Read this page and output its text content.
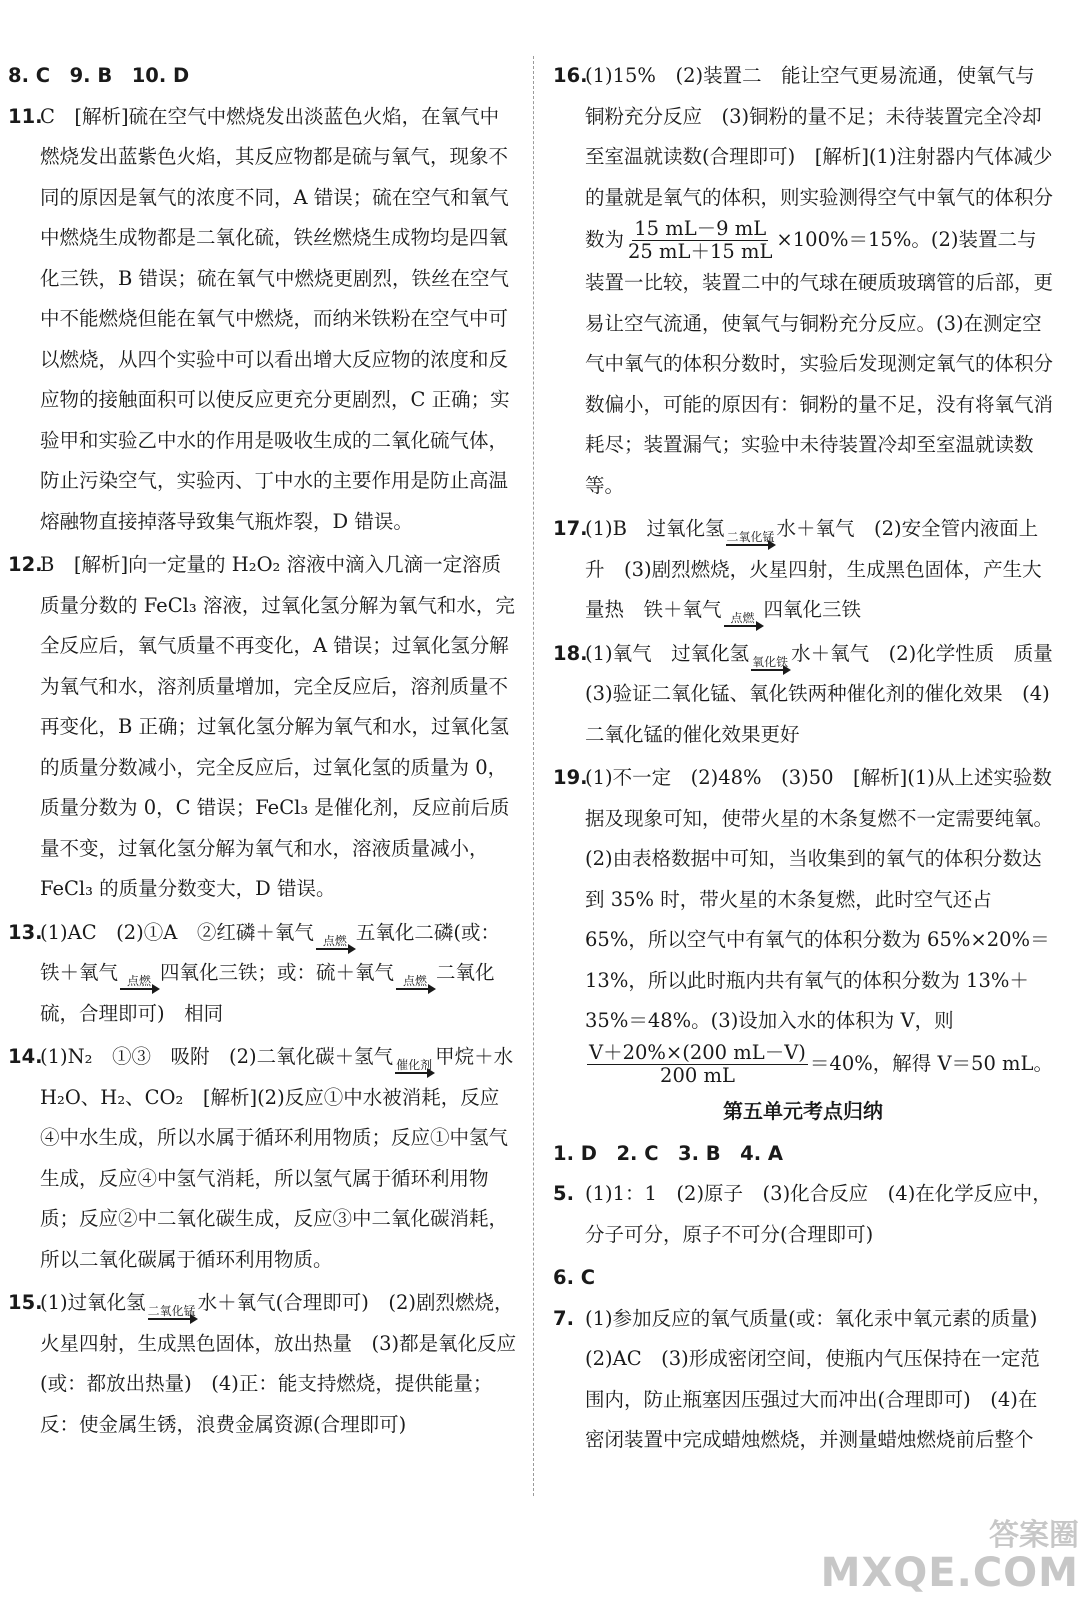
8. C　9. B　10. D
11.
C　[解析]硫在空气中燃烧发出淡蓝色火焰，在氧气中燃烧发出蓝紫色火焰，其反应物都是硫与氧气，现象不同的原因是氧气的浓度不同，A 错误；硫在空气和氧气中燃烧生成物都是二氧化硫，铁丝燃烧生成物均是四氧化三铁，B 错误；硫在氧气中燃烧更剧烈，铁丝在空气中不能燃烧但能在氧气中燃烧，而纳米铁粉在空气中可以燃烧，从四个实验中可以看出增大反应物的浓度和反应物的接触面积可以使反应更充分更剧烈，C 正确；实验甲和实验乙中水的作用是吸收生成的二氧化硫气体，防止污染空气，实验丙、丁中水的主要作用是防止高温熔融物直接掉落导致集气瓶炸裂，D 错误。
12.
B　[解析]向一定量的 H₂O₂ 溶液中滴入几滴一定溶质质量分数的 FeCl₃ 溶液，过氧化氢分解为氧气和水，完全反应后，氧气质量不再变化，A 错误；过氧化氢分解为氧气和水，溶剂质量增加，完全反应后，溶剂质量不再变化，B 正确；过氧化氢分解为氧气和水，过氧化氢的质量分数减小，完全反应后，过氧化氢的质量为 0，质量分数为 0，C 错误；FeCl₃ 是催化剂，反应前后质量不变，过氧化氢分解为氧气和水，溶液质量减小，FeCl₃ 的质量分数变大，D 错误。
13.
(1)AC　(2)①A　②红磷＋氧气 点燃 五氧化二磷(或：铁＋氧气 点燃 四氧化三铁；或：硫＋氧气 点燃 二氧化硫，合理即可)　相同
14.
(1)N₂　①③　吸附　(2)二氧化碳＋氢气 催化剂 甲烷＋水　H₂O、H₂、CO₂　[解析](2)反应①中水被消耗，反应④中水生成，所以水属于循环利用物质；反应①中氢气生成，反应④中氢气消耗，所以氢气属于循环利用物质；反应②中二氧化碳生成，反应③中二氧化碳消耗，所以二氧化碳属于循环利用物质。
15.
(1)过氧化氢 二氧化锰 水＋氧气(合理即可)　(2)剧烈燃烧，火星四射，生成黑色固体，放出热量　(3)都是氧化反应(或：都放出热量)　(4)正：能支持燃烧，提供能量；反：使金属生锈，浪费金属资源(合理即可)
16.
(1)15%　(2)装置二　能让空气更易流通，使氧气与铜粉充分反应　(3)铜粉的量不足；未待装置完全冷却至室温就读数(合理即可)　[解析](1)注射器内气体减少的量就是氧气的体积，则实验测得空气中氧气的体积分数为 $\frac{15 mL-9 mL}{25 mL+15 mL} \times 100\%=15\%$。(2)装置二与装置一比较，装置二中的气球在硬质玻璃管的后部，更易让空气流通，使氧气与铜粉充分反应。(3)在测定空气中氧气的体积分数时，实验后发现测定氧气的体积分数偏小，可能的原因有：铜粉的量不足，没有将氧气消耗尽；装置漏气；实验中未待装置冷却至室温就读数等。
17.
(1)B　过氧化氢 二氧化锰 水＋氧气　(2)安全管内液面上升　(3)剧烈燃烧，火星四射，生成黑色固体，产生大量热　铁＋氧气 点燃 四氧化三铁
18.
(1)氧气　过氧化氢 氧化铁 水＋氧气　(2)化学性质　质量　(3)验证二氧化锰、氧化铁两种催化剂的催化效果　(4)二氧化锰的催化效果更好
19.
(1)不一定　(2)48%　(3)50　[解析](1)从上述实验数据及现象可知，使带火星的木条复燃不一定需要纯氧。(2)由表格数据中可知，当收集到的氧气的体积分数达到 35% 时，带火星的木条复燃，此时空气还占 65%，所以空气中有氧气的体积分数为 65%×20%＝13%，所以此时瓶内共有氧气的体积分数为 13%＋35%＝48%。(3)设加入水的体积为 V，则

$\frac{V+20\%\times(200 mL-V)}{200 mL} =40\%$，解得 V＝50 mL。
第五单元考点归纳
1. D　2. C　3. B　4. A
5. (1)1：1　(2)原子　(3)化合反应　(4)在化学反应中，分子可分，原子不可分(合理即可)
6. C
7. (1)参加反应的氧气质量(或：氧化汞中氧元素的质量)　(2)AC　(3)形成密闭空间，使瓶内气压保持在一定范围内，防止瓶塞因压强过大而冲出(合理即可)　(4)在密闭装置中完成蜡烛燃烧，并测量蜡烛燃烧前后整个
答案圈
MXQE.COM
